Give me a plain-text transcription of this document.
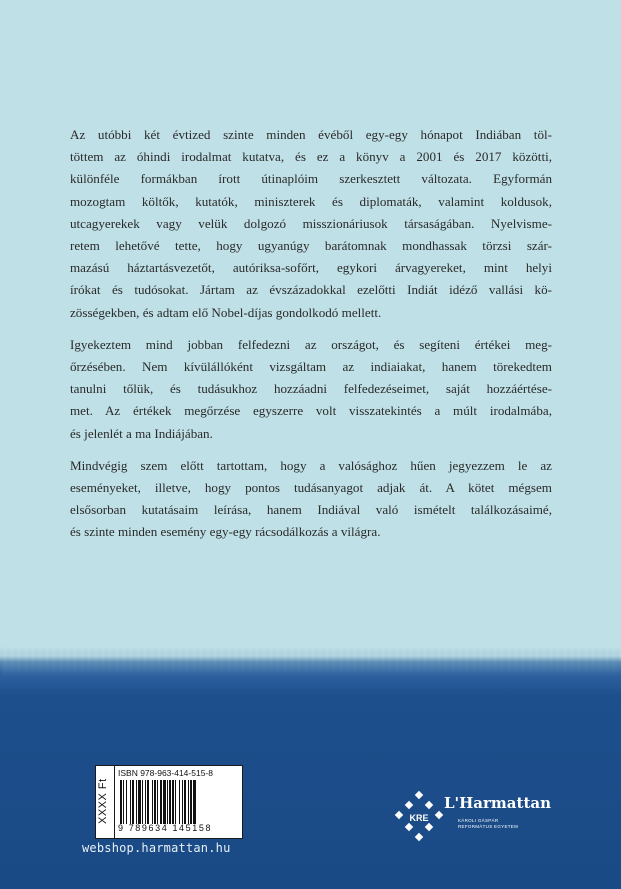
Az utóbbi két évtized szinte minden évéből egy-egy hónapot Indiában töl-
töttem az óhindi irodalmat kutatva, és ez a könyv a 2001 és 2017 közötti,
különféle formákban írott útinaplóim szerkesztett változata. Egyformán
mozogtam költők, kutatók, miniszterek és diplomaták, valamint koldusok,
utcagyerekek vagy velük dolgozó misszionáriusok társaságában. Nyelvisme-
retem lehetővé tette, hogy ugyanúgy barátomnak mondhassak törzsi szár-
mazású háztartásvezetőt, autóriksa-sofőrt, egykori árvagyereket, mint helyi
írókat és tudósokat. Jártam az évszázadokkal ezelőtti Indiát idéző vallási kö-
zösségekben, és adtam elő Nobel-díjas gondolkodó mellett.
Igyekeztem mind jobban felfedezni az országot, és segíteni értékei meg-
őrzésében. Nem kívülállóként vizsgáltam az indiaiakat, hanem törekedtem
tanulni tőlük, és tudásukhoz hozzáadni felfedezéseimet, saját hozzáértése-
met. Az értékek megőrzése egyszerre volt visszatekintés a múlt irodalmába,
és jelenlét a ma Indiájában.
Mindvégig szem előtt tartottam, hogy a valósághoz hűen jegyezzem le az
eseményeket, illetve, hogy pontos tudásanyagot adjak át. A kötet mégsem
elsősorban kutatásaim leírása, hanem Indiával való ismételt találkozásaimé,
és szinte minden esemény egy-egy rácsodálkozás a világra.
XXXX Ft
ISBN 978-963-414-515-8
9 789634 145158
webshop.harmattan.hu
KRE
L'Harmattan
KÁROLI GÁSPÁR
REFORMÁTUS EGYETEM
